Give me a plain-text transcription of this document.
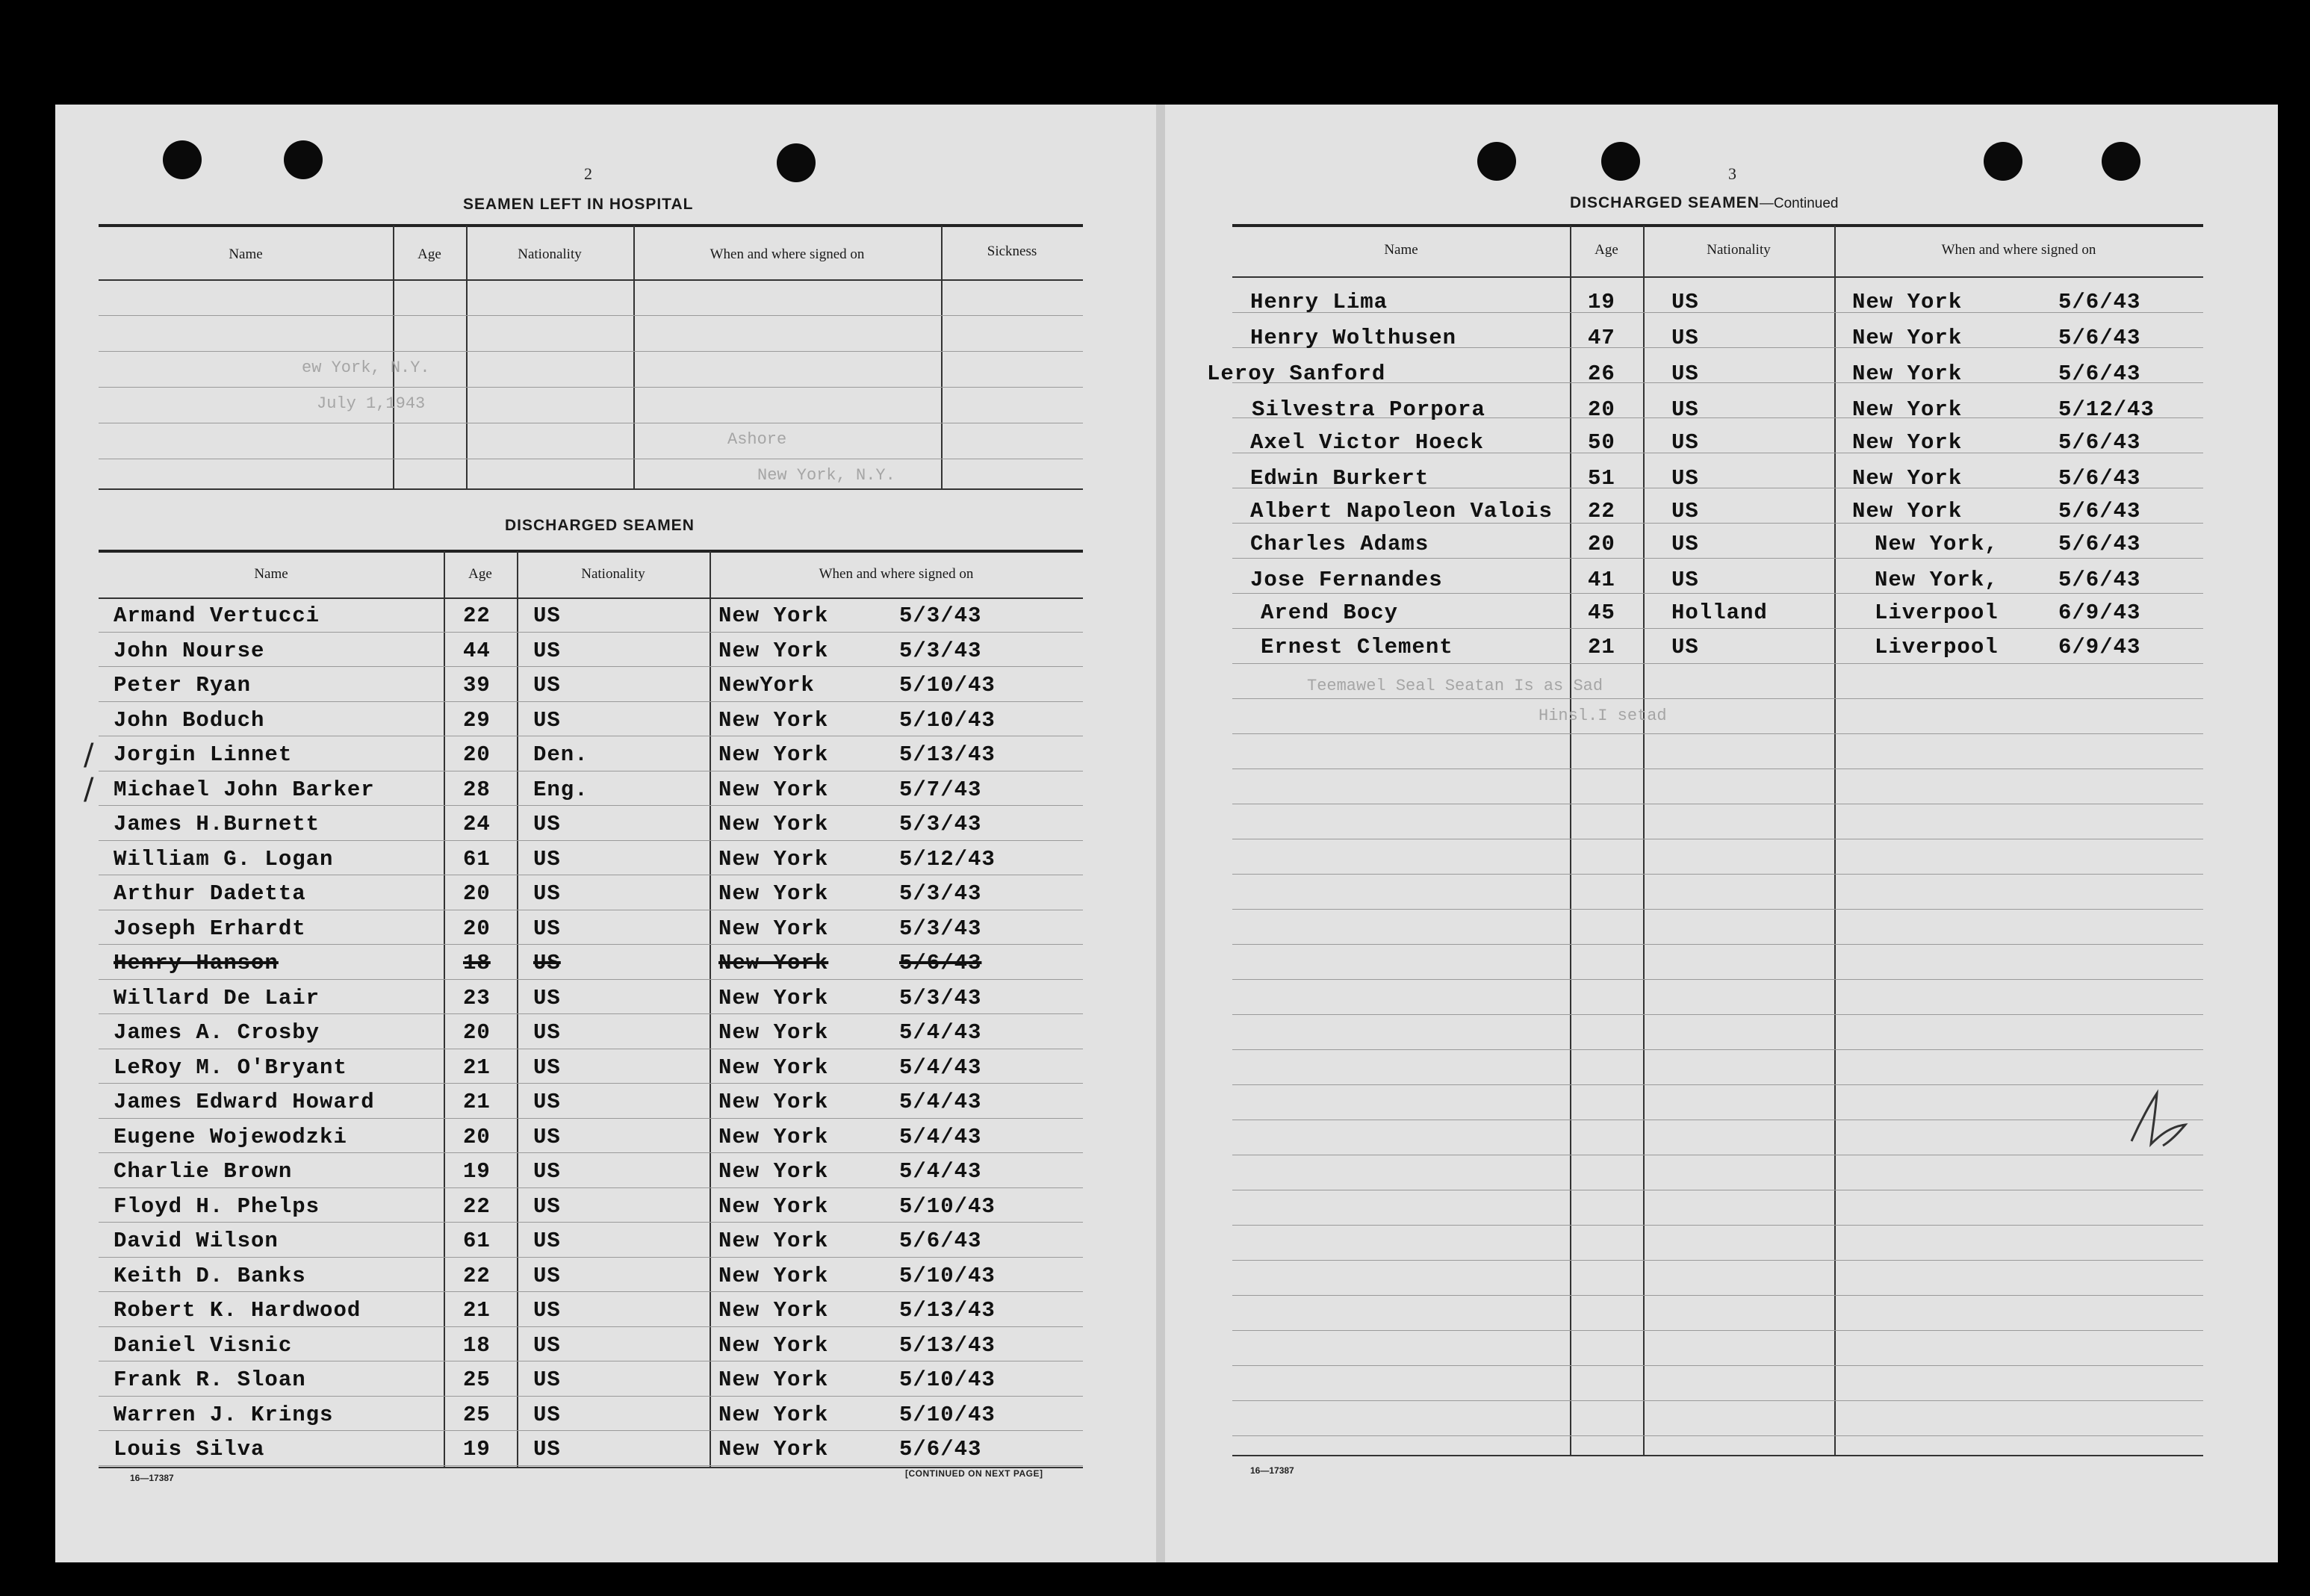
2
SEAMEN LEFT IN HOSPITAL
Name	Age	Nationality	When and where signed on	Sickness
ew York, N.Y.
July 1,1943
Ashore
New York, N.Y.
DISCHARGED SEAMEN
Name	Age	Nationality	When and where signed on
/
/
Armand Vertucci	22 US	New York	5/3/43
John Nourse	44 US	New York	5/3/43
Peter Ryan	39 US	NewYork	5/10/43
John Boduch	29 US	New York	5/10/43
Jorgin Linnet	20 Den.	New York	5/13/43
Michael John Barker	28 Eng.	New York	5/7/43
James H.Burnett	24 US	New York	5/3/43
William G. Logan	61 US	New York	5/12/43
Arthur Dadetta	20 US	New York	5/3/43
Joseph Erhardt	20 US	New York	5/3/43
Henry Hanson	18 US	New York	5/6/43
Willard De Lair	23 US	New York	5/3/43
James A. Crosby	20 US	New York	5/4/43
LeRoy M. O'Bryant	21 US	New York	5/4/43
James Edward Howard	21 US	New York	5/4/43
Eugene Wojewodzki	20 US	New York	5/4/43
Charlie Brown	19 US	New York	5/4/43
Floyd H. Phelps	22 US	New York	5/10/43
David Wilson	61 US	New York	5/6/43
Keith D. Banks	22 US	New York	5/10/43
Robert K. Hardwood	21 US	New York	5/13/43
Daniel Visnic	18 US	New York	5/13/43
Frank R. Sloan	25 US	New York	5/10/43
Warren J. Krings	25 US	New York	5/10/43
Louis Silva	19 US	New York	5/6/43
16—17387	[CONTINUED ON NEXT PAGE]
3
DISCHARGED SEAMEN—Continued
Name	Age	Nationality	When and where signed on
Henry Lima	19	US	New York	5/6/43
Henry Wolthusen	47	US	New York	5/6/43
Leroy Sanford	26	US	New York	5/6/43
Silvestra Porpora	20	US	New York	5/12/43
Axel Victor Hoeck	50	US	New York	5/6/43
Edwin Burkert	51	US	New York	5/6/43
Albert Napoleon Valois 22	US	New York	5/6/43
Charles Adams	20	US	New York,	5/6/43
Jose Fernandes	41	US	New York,	5/6/43
Arend Bocy	45	Holland	Liverpool	6/9/43
Ernest Clement	21	US	Liverpool	6/9/43
Teemawel Seal Seatan Is as Sad
Hinsl.I setad
16—17387
